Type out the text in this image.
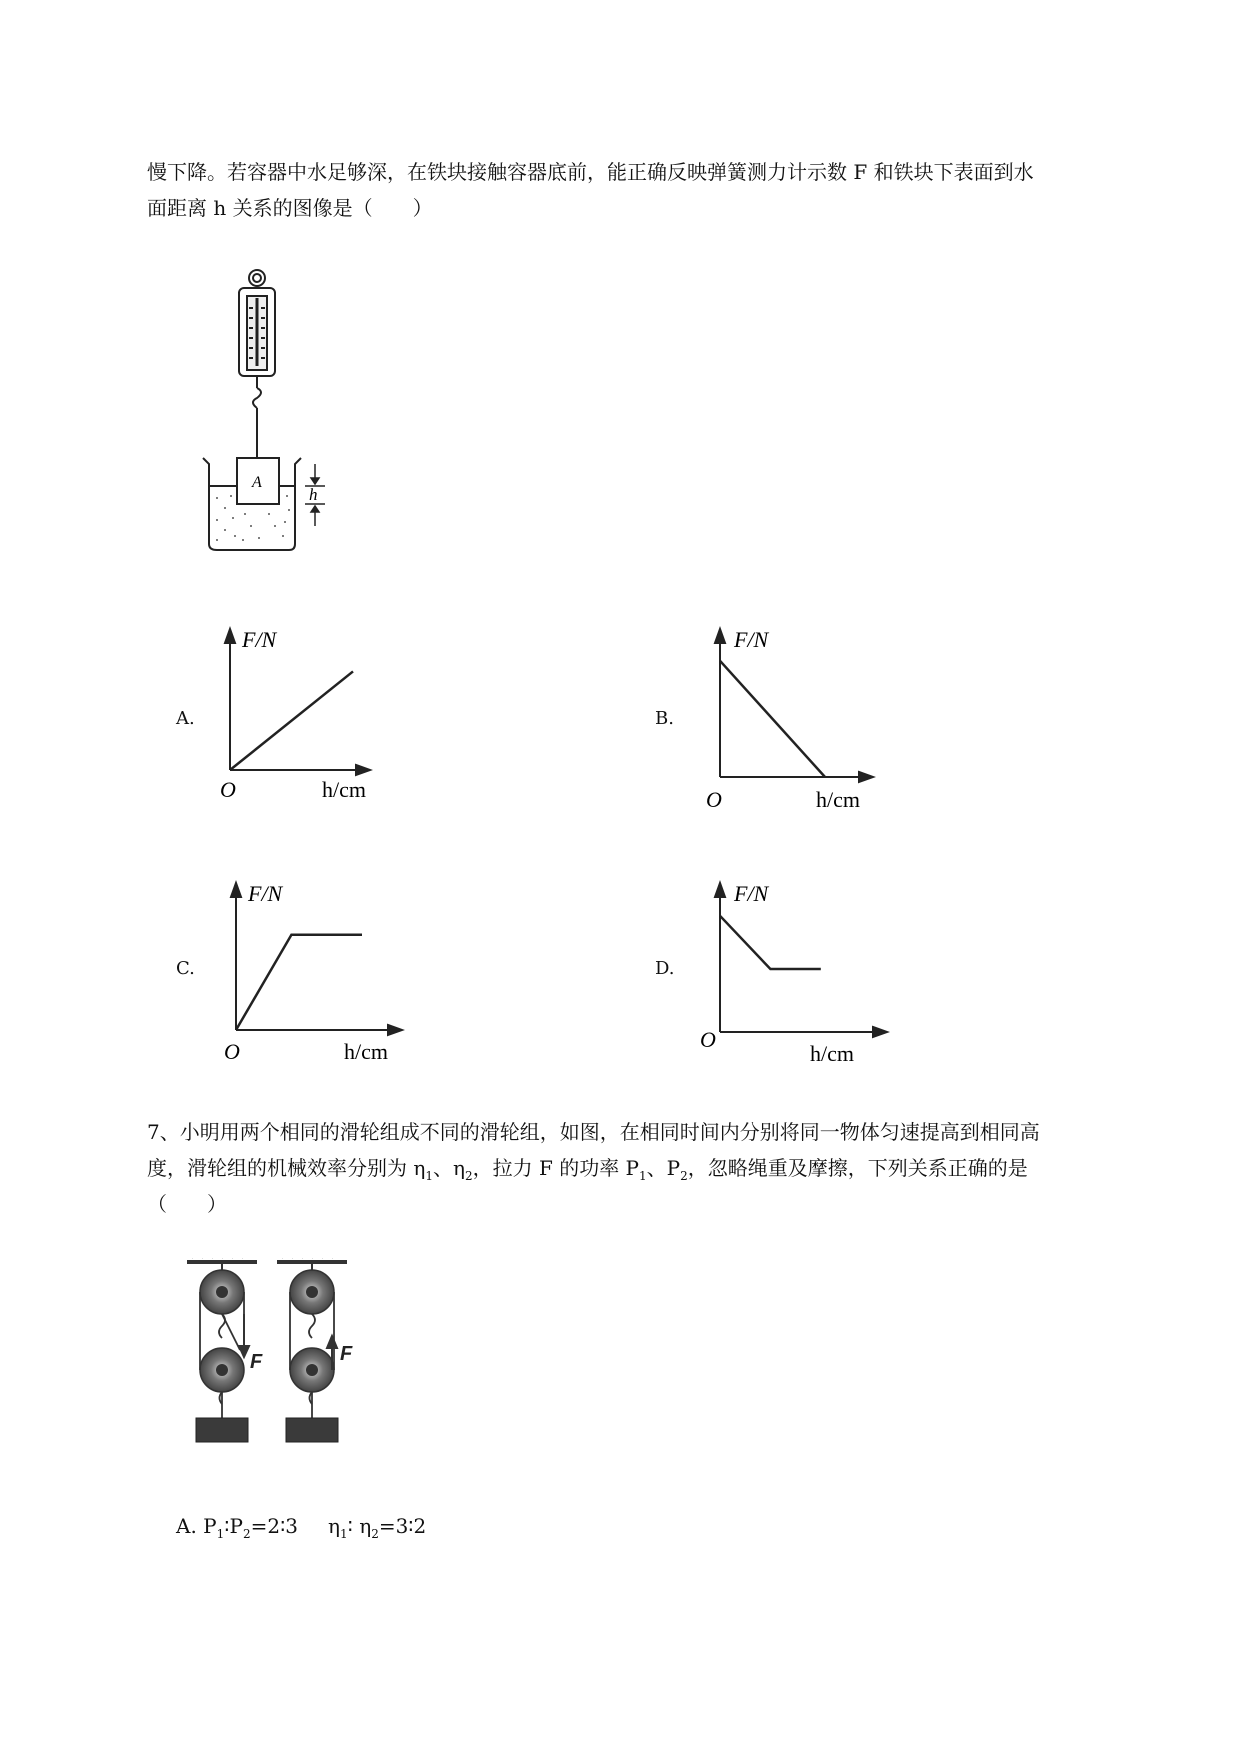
慢下降。若容器中水足够深，在铁块接触容器底前，能正确反映弹簧测力计示数 F 和铁块下表面到水

面距离 h 关系的图像是（　　）

A
h
A.	B.
C.	D.
F/N
O	h/cm
F/N
O	h/cm
F/N
O	h/cm
F/N
O
h/cm

7、小明用两个相同的滑轮组成不同的滑轮组，如图，在相同时间内分别将同一物体匀速提高到相同高

度，滑轮组的机械效率分别为 $\eta_1$、$\eta_2$，拉力 F 的功率 $P_1$、$P_2$，忽略绳重及摩擦，下列关系正确的是

（　　）

F	F

A. $P_1∶P_2=2∶3$　  $\eta_1∶$ $\eta_2=3∶2$
